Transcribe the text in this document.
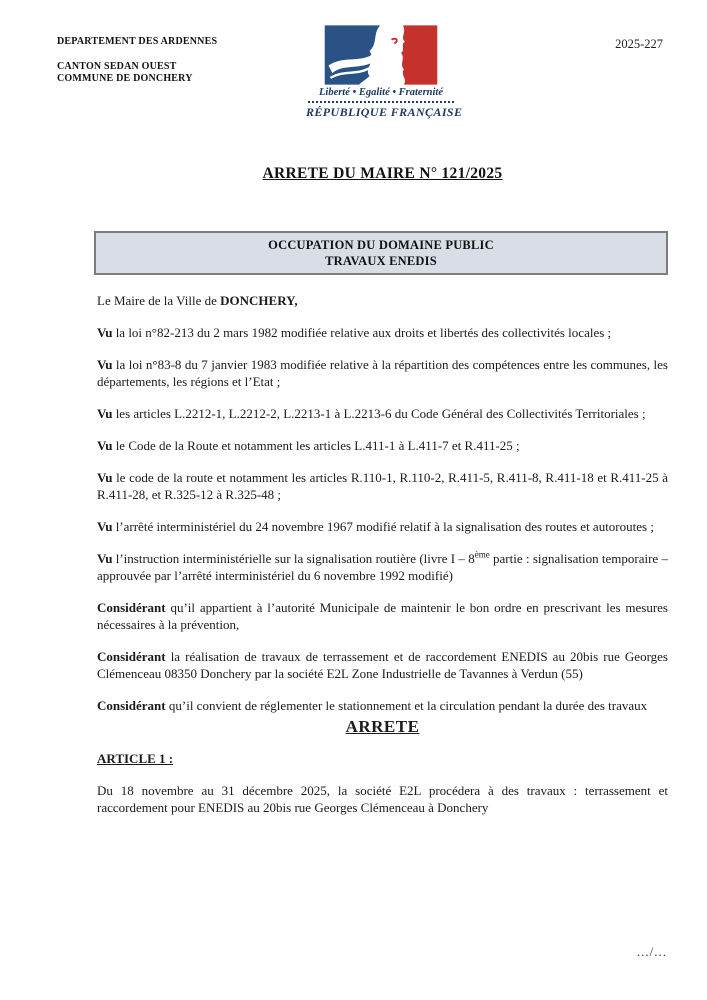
DEPARTEMENT DES ARDENNES
CANTON SEDAN OUEST
COMMUNE DE DONCHERY
Liberté • Egalité • Fraternité
RÉPUBLIQUE FRANÇAISE
2025-227
ARRETE DU MAIRE N° 121/2025
OCCUPATION DU DOMAINE PUBLIC
TRAVAUX ENEDIS

Le Maire de la Ville de DONCHERY,

Vu la loi n°82-213 du 2 mars 1982 modifiée relative aux droits et libertés des collectivités locales ;

Vu la loi n°83-8 du 7 janvier 1983 modifiée relative à la répartition des compétences entre les communes, les départements, les régions et l’Etat ;

Vu les articles L.2212-1, L.2212-2, L.2213-1 à L.2213-6 du Code Général des Collectivités Territoriales ;

Vu le Code de la Route et notamment les articles L.411-1 à L.411-7 et R.411-25 ;

Vu le code de la route et notamment les articles R.110-1, R.110-2, R.411-5, R.411-8, R.411-18 et R.411-25 à R.411-28, et R.325-12 à R.325-48 ;

Vu l’arrêté interministériel du 24 novembre 1967 modifié relatif à la signalisation des routes et autoroutes ;

Vu l’instruction interministérielle sur la signalisation routière (livre I – 8ème partie : signalisation temporaire – approuvée par l’arrêté interministériel du 6 novembre 1992 modifié)

Considérant qu’il appartient à l’autorité Municipale de maintenir le bon ordre en prescrivant les mesures nécessaires à la prévention,

Considérant la réalisation de travaux de terrassement et de raccordement ENEDIS au 20bis rue Georges Clémenceau 08350 Donchery par la société E2L Zone Industrielle de Tavannes à Verdun (55)

Considérant qu’il convient de réglementer le stationnement et la circulation pendant la durée des travaux

ARRETE

ARTICLE 1 :

Du 18 novembre au 31 décembre 2025, la société E2L procédera à des travaux : terrassement et raccordement pour ENEDIS au 20bis rue Georges Clémenceau à Donchery

.../...
